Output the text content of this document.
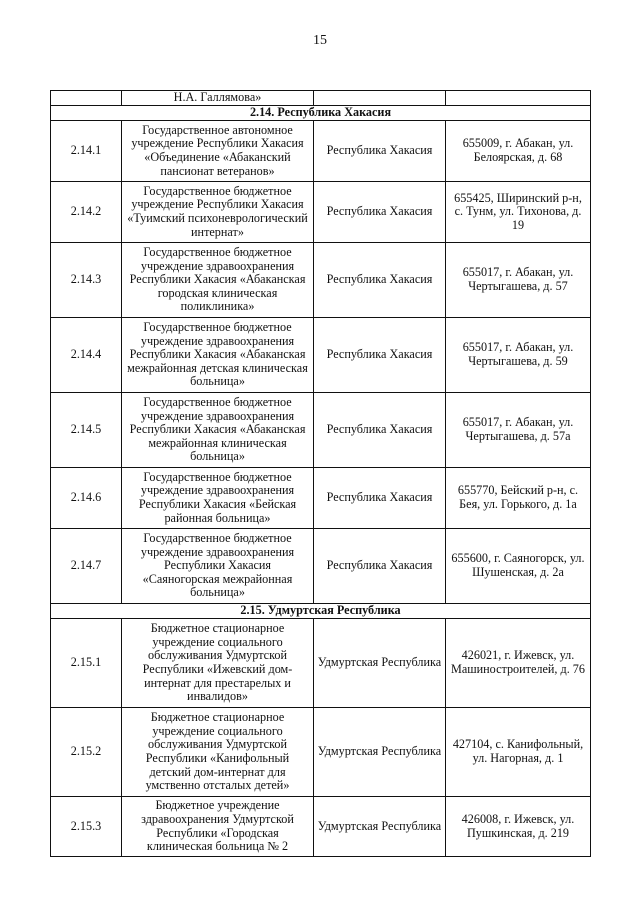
15
	Н.А. Галлямова»		
2.14. Республика Хакасия			
2.14.1	Государственное автономное учреждение Республики Хакасия «Объединение «Абаканский пансионат ветеранов»	Республика Хакасия	655009, г. Абакан, ул. Белоярская, д. 68
2.14.2	Государственное бюджетное учреждение Республики Хакасия «Туимский психоневрологический интернат»	Республика Хакасия	655425, Ширинский р-н, с. Тунм, ул. Тихонова, д. 19
2.14.3	Государственное бюджетное учреждение здравоохранения Республики Хакасия «Абаканская городская клиническая поликлиника»	Республика Хакасия	655017, г. Абакан, ул. Чертыгашева, д. 57
2.14.4	Государственное бюджетное учреждение здравоохранения Республики Хакасия «Абаканская межрайонная детская клиническая больница»	Республика Хакасия	655017, г. Абакан, ул. Чертыгашева, д. 59
2.14.5	Государственное бюджетное учреждение здравоохранения Республики Хакасия «Абаканская межрайонная клиническая больница»	Республика Хакасия	655017, г. Абакан, ул. Чертыгашева, д. 57а
2.14.6	Государственное бюджетное учреждение здравоохранения Республики Хакасия «Бейская районная больница»	Республика Хакасия	655770, Бейский р-н, с. Бея, ул. Горького, д. 1а
2.14.7	Государственное бюджетное учреждение здравоохранения Республики Хакасия «Саяногорская межрайонная больница»	Республика Хакасия	655600, г. Саяногорск, ул. Шушенская, д. 2а
2.15. Удмуртская Республика			
2.15.1	Бюджетное стационарное учреждение социального обслуживания Удмуртской Республики «Ижевский дом-интернат для престарелых и инвалидов»	Удмуртская Республика	426021, г. Ижевск, ул. Машиностроителей, д. 76
2.15.2	Бюджетное стационарное учреждение социального обслуживания Удмуртской Республики «Канифольный детский дом-интернат для умственно отсталых детей»	Удмуртская Республика	427104, с. Канифольный, ул. Нагорная, д. 1
2.15.3	Бюджетное учреждение здравоохранения Удмуртской Республики «Городская клиническая больница № 2	Удмуртская Республика	426008, г. Ижевск, ул. Пушкинская, д. 219
